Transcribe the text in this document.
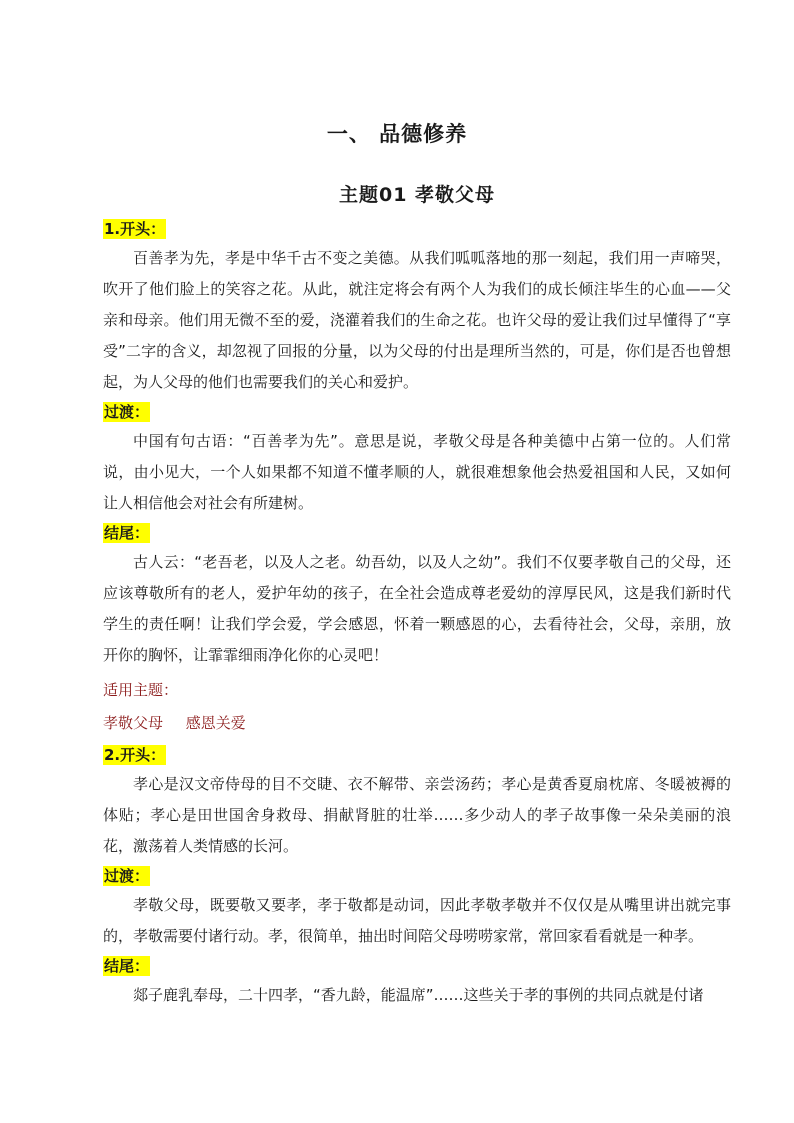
一、 品德修养
主题01 孝敬父母
1.开头：

百善孝为先，孝是中华千古不变之美德。从我们呱呱落地的那一刻起，我们用一声啼哭，吹开了他们脸上的笑容之花。从此，就注定将会有两个人为我们的成长倾注毕生的心血——父亲和母亲。他们用无微不至的爱，浇灌着我们的生命之花。也许父母的爱让我们过早懂得了“享受”二字的含义，却忽视了回报的分量，以为父母的付出是理所当然的，可是，你们是否也曾想起，为人父母的他们也需要我们的关心和爱护。

过渡：

中国有句古语：“百善孝为先”。意思是说，孝敬父母是各种美德中占第一位的。人们常说，由小见大，一个人如果都不知道不懂孝顺的人，就很难想象他会热爱祖国和人民，又如何让人相信他会对社会有所建树。

结尾：

古人云：“老吾老，以及人之老。幼吾幼，以及人之幼”。我们不仅要孝敬自己的父母，还应该尊敬所有的老人，爱护年幼的孩子，在全社会造成尊老爱幼的淳厚民风，这是我们新时代学生的责任啊！让我们学会爱，学会感恩，怀着一颗感恩的心，去看待社会，父母，亲朋，放开你的胸怀，让霏霏细雨净化你的心灵吧！

适用主题：
孝敬父母 感恩关爱
2.开头：

孝心是汉文帝侍母的目不交睫、衣不解带、亲尝汤药；孝心是黄香夏扇枕席、冬暖被褥的体贴；孝心是田世国舍身救母、捐献肾脏的壮举……多少动人的孝子故事像一朵朵美丽的浪花，激荡着人类情感的长河。

过渡：

孝敬父母，既要敬又要孝，孝于敬都是动词，因此孝敬孝敬并不仅仅是从嘴里讲出就完事的，孝敬需要付诸行动。孝，很简单，抽出时间陪父母唠唠家常，常回家看看就是一种孝。

结尾：

郯子鹿乳奉母，二十四孝，“香九龄，能温席”……这些关于孝的事例的共同点就是付诸
